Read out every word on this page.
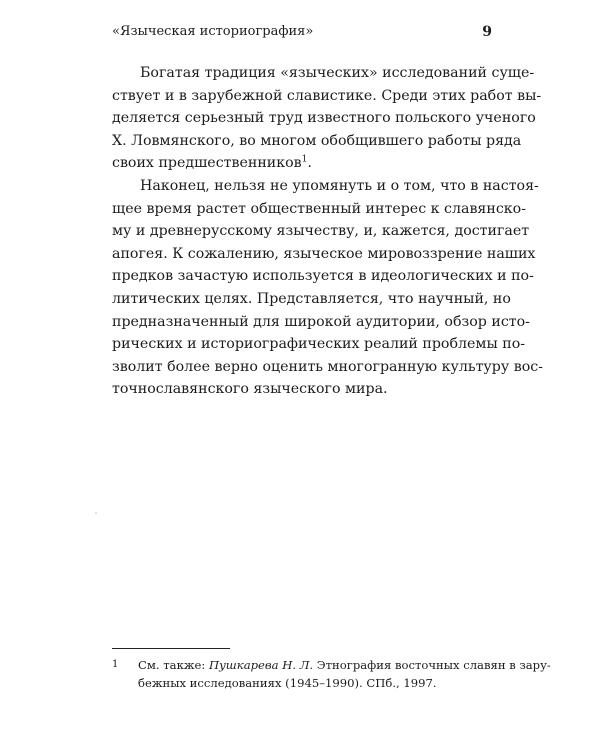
«Языческая историография»	9

Богатая традиция «языческих» исследований суще-
ствует и в зарубежной славистике. Среди этих работ вы-
деляется серьезный труд известного польского ученого
Х. Ловмянского, во многом обобщившего работы ряда
своих предшественников$^1$.

Наконец, нельзя не упомянуть и о том, что в настоя-
щее время растет общественный интерес к славянско-
му и древнерусскому язычеству, и, кажется, достигает
апогея. К сожалению, языческое мировоззрение наших
предков зачастую используется в идеологических и по-
литических целях. Представляется, что научный, но
предназначенный для широкой аудитории, обзор исто-
рических и историографических реалий проблемы по-
зволит более верно оценить многогранную культуру вос-
точнославянского языческого мира.

1 См. также: Пушкарева Н. Л. Этнография восточных славян в зару-
бежных исследованиях (1945–1990). СПб., 1997.
